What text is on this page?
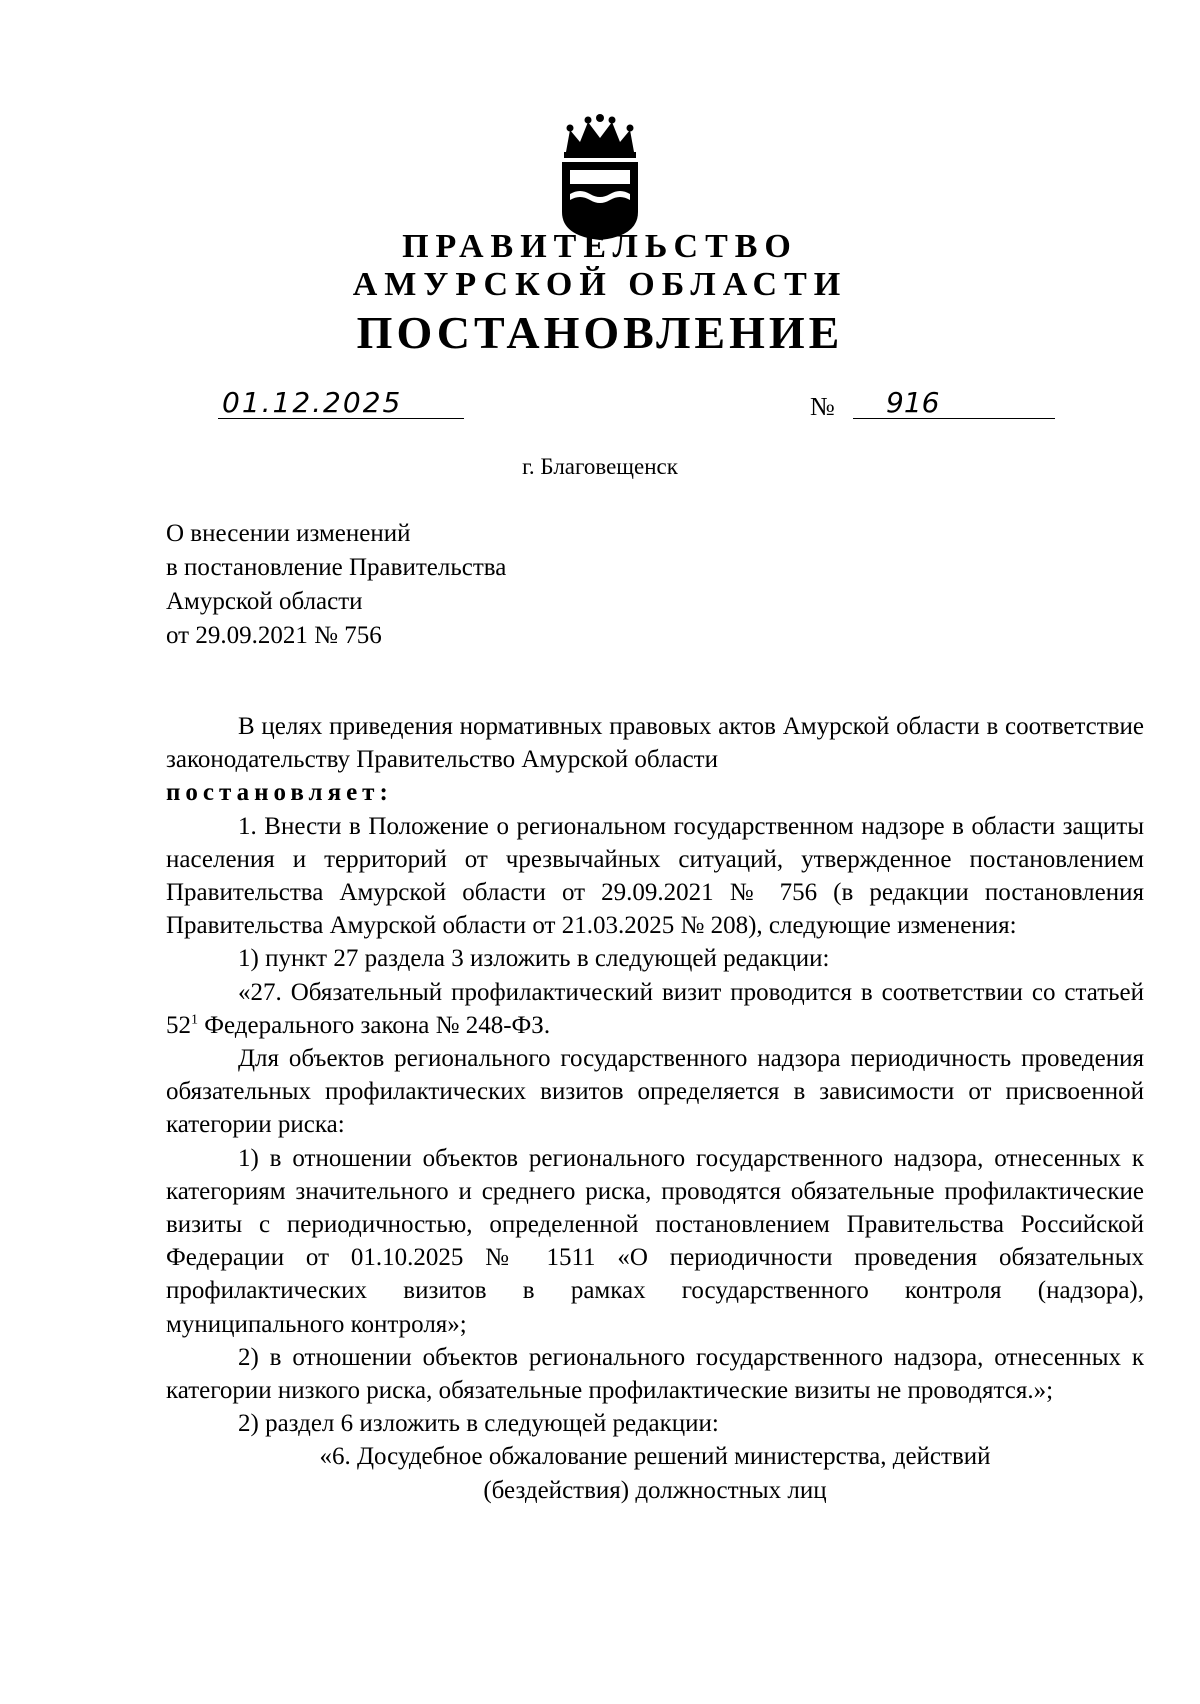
ПРАВИТЕЛЬСТВО
АМУРСКОЙ ОБЛАСТИ
ПОСТАНОВЛЕНИЕ
01.12.2025	№ 916
г. Благовещенск
О внесении изменений
в постановление Правительства
Амурской области
от 29.09.2021 № 756

В целях приведения нормативных правовых актов Амурской области в соответствие законодательству Правительство Амурской области

постановляет:

1. Внести в Положение о региональном государственном надзоре в области защиты населения и территорий от чрезвычайных ситуаций, утвержденное постановлением Правительства Амурской области от 29.09.2021 № 756 (в редакции постановления Правительства Амурской области от 21.03.2025 № 208), следующие изменения:

1) пункт 27 раздела 3 изложить в следующей редакции:

«27. Обязательный профилактический визит проводится в соответствии со статьей $52^1$ Федерального закона № 248-ФЗ.

Для объектов регионального государственного надзора периодичность проведения обязательных профилактических визитов определяется в зависимости от присвоенной категории риска:

1) в отношении объектов регионального государственного надзора, отнесенных к категориям значительного и среднего риска, проводятся обязательные профилактические визиты с периодичностью, определенной постановлением Правительства Российской Федерации от 01.10.2025 № 1511 «О периодичности проведения обязательных профилактических визитов в рамках государственного контроля (надзора), муниципального контроля»;

2) в отношении объектов регионального государственного надзора, отнесенных к категории низкого риска, обязательные профилактические визиты не проводятся.»;

2) раздел 6 изложить в следующей редакции:

«6. Досудебное обжалование решений министерства, действий

(бездействия) должностных лиц
